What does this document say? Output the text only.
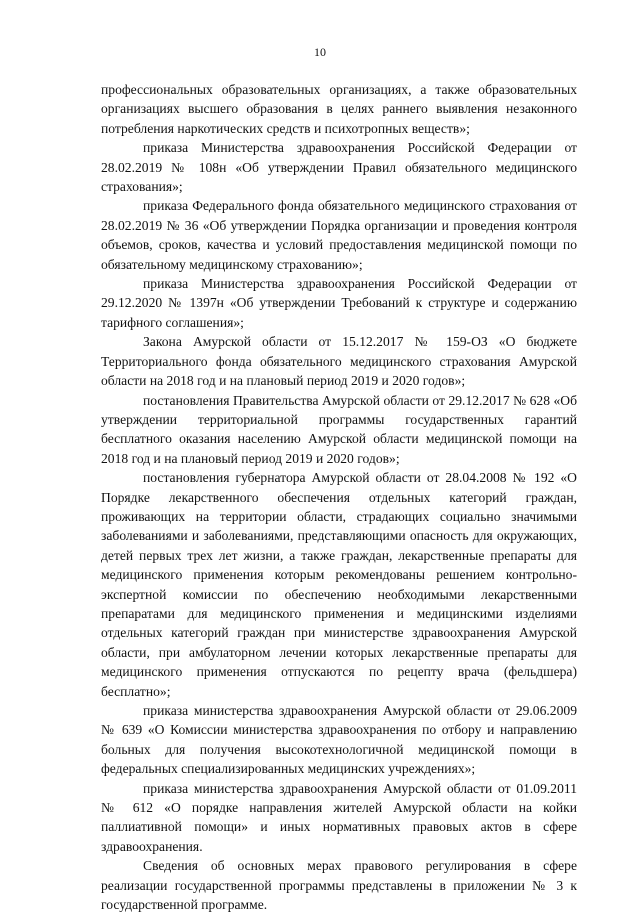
10

профессиональных образовательных организациях, а также образовательных организациях высшего образования в целях раннего выявления незаконного потребления наркотических средств и психотропных веществ»;

приказа Министерства здравоохранения Российской Федерации от 28.02.2019 № 108н «Об утверждении Правил обязательного медицинского страхования»;

приказа Федерального фонда обязательного медицинского страхования от 28.02.2019 № 36 «Об утверждении Порядка организации и проведения контроля объемов, сроков, качества и условий предоставления медицинской помощи по обязательному медицинскому страхованию»;

приказа Министерства здравоохранения Российской Федерации от 29.12.2020 № 1397н «Об утверждении Требований к структуре и содержанию тарифного соглашения»;

Закона Амурской области от 15.12.2017 № 159-ОЗ «О бюджете Территориального фонда обязательного медицинского страхования Амурской области на 2018 год и на плановый период 2019 и 2020 годов»;

постановления Правительства Амурской области от 29.12.2017 № 628 «Об утверждении территориальной программы государственных гарантий бесплатного оказания населению Амурской области медицинской помощи на 2018 год и на плановый период 2019 и 2020 годов»;

постановления губернатора Амурской области от 28.04.2008 № 192 «О Порядке лекарственного обеспечения отдельных категорий граждан, проживающих на территории области, страдающих социально значимыми заболеваниями и заболеваниями, представляющими опасность для окружающих, детей первых трех лет жизни, а также граждан, лекарственные препараты для медицинского применения которым рекомендованы решением контрольно-экспертной комиссии по обеспечению необходимыми лекарственными препаратами для медицинского применения и медицинскими изделиями отдельных категорий граждан при министерстве здравоохранения Амурской области, при амбулаторном лечении которых лекарственные препараты для медицинского применения отпускаются по рецепту врача (фельдшера) бесплатно»;

приказа министерства здравоохранения Амурской области от 29.06.2009 № 639 «О Комиссии министерства здравоохранения по отбору и направлению больных для получения высокотехнологичной медицинской помощи в федеральных специализированных медицинских учреждениях»;

приказа министерства здравоохранения Амурской области от 01.09.2011 № 612 «О порядке направления жителей Амурской области на койки паллиативной помощи» и иных нормативных правовых актов в сфере здравоохранения.

Сведения об основных мерах правового регулирования в сфере реализации государственной программы представлены в приложении № 3 к государственной программе.
